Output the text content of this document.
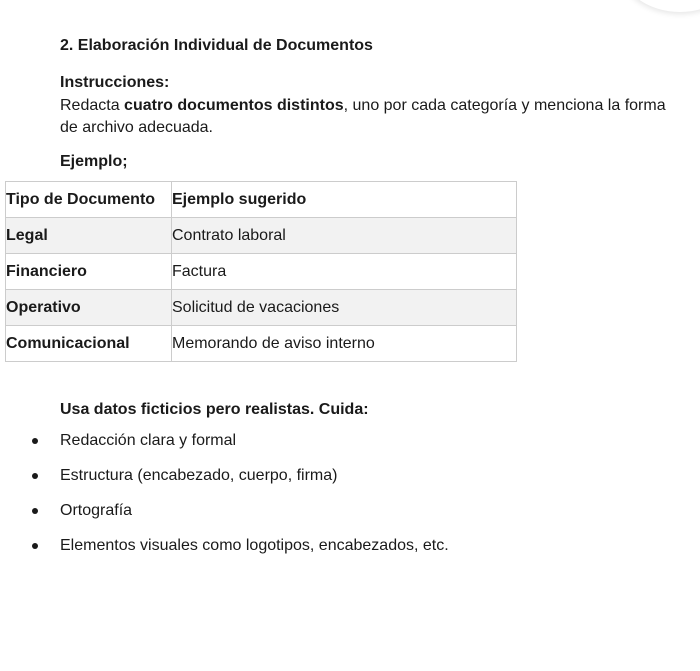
2. Elaboración Individual de Documentos
Instrucciones:
Redacta cuatro documentos distintos, uno por cada categoría y menciona la forma de archivo adecuada.
Ejemplo;
Tipo de Documento	Ejemplo sugerido
Legal	Contrato laboral
Financiero	Factura
Operativo	Solicitud de vacaciones
Comunicacional	Memorando de aviso interno
Usa datos ficticios pero realistas. Cuida:
Redacción clara y formal
Estructura (encabezado, cuerpo, firma)
Ortografía
Elementos visuales como logotipos, encabezados, etc.
